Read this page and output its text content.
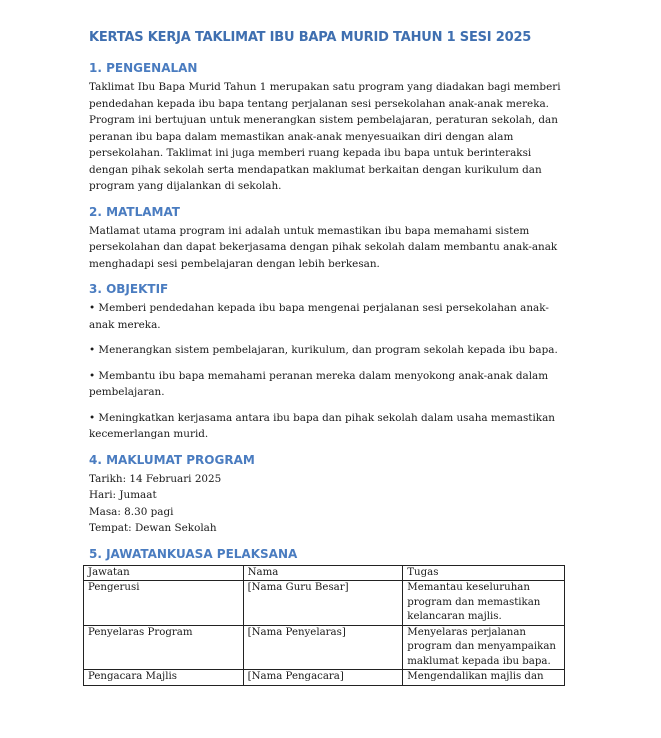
KERTAS KERJA TAKLIMAT IBU BAPA MURID TAHUN 1 SESI 2025
1. PENGENALAN

Taklimat Ibu Bapa Murid Tahun 1 merupakan satu program yang diadakan bagi memberi pendedahan kepada ibu bapa tentang perjalanan sesi persekolahan anak-anak mereka. Program ini bertujuan untuk menerangkan sistem pembelajaran, peraturan sekolah, dan peranan ibu bapa dalam memastikan anak-anak menyesuaikan diri dengan alam persekolahan. Taklimat ini juga memberi ruang kepada ibu bapa untuk berinteraksi dengan pihak sekolah serta mendapatkan maklumat berkaitan dengan kurikulum dan program yang dijalankan di sekolah.

2. MATLAMAT

Matlamat utama program ini adalah untuk memastikan ibu bapa memahami sistem persekolahan dan dapat bekerjasama dengan pihak sekolah dalam membantu anak-anak menghadapi sesi pembelajaran dengan lebih berkesan.

3. OBJEKTIF

• Memberi pendedahan kepada ibu bapa mengenai perjalanan sesi persekolahan anak-anak mereka.

• Menerangkan sistem pembelajaran, kurikulum, dan program sekolah kepada ibu bapa.

• Membantu ibu bapa memahami peranan mereka dalam menyokong anak-anak dalam pembelajaran.

• Meningkatkan kerjasama antara ibu bapa dan pihak sekolah dalam usaha memastikan kecemerlangan murid.

4. MAKLUMAT PROGRAM

Tarikh: 14 Februari 2025

Hari: Jumaat

Masa: 8.30 pagi

Tempat: Dewan Sekolah

5. JAWATANKUASA PELAKSANA
Jawatan	Nama	Tugas
Pengerusi	[Nama Guru Besar]	Memantau keseluruhan program dan memastikan kelancaran majlis.
Penyelaras Program	[Nama Penyelaras]	Menyelaras perjalanan program dan menyampaikan maklumat kepada ibu bapa.
Pengacara Majlis	[Nama Pengacara]	Mengendalikan majlis dan
